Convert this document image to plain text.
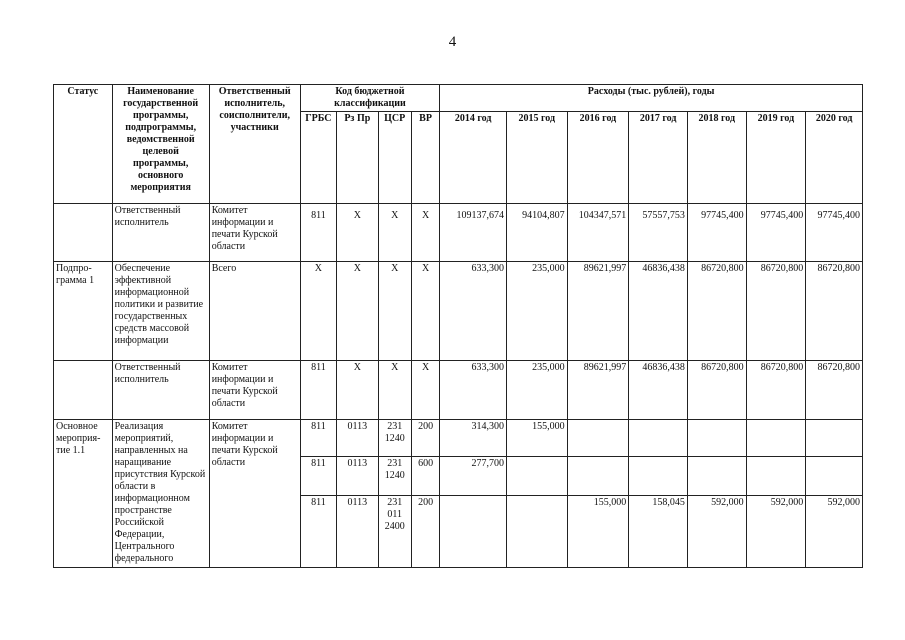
4
Статус	Наименование государственной программы, подпрограммы, ведомственной целевой программы, основного мероприятия	Ответственный исполнитель, соисполнители, участники	Код бюджетной классификации				Расходы (тыс. рублей), годы						
			ГРБС	Рз Пр	ЦСР	ВР	2014 год	2015 год	2016 год	2017 год	2018 год	2019 год	2020 год
	Ответственный исполнитель	Комитет информации и печати Курской области	811	X	X	X	109137,674	94104,807	104347,571	57557,753	97745,400	97745,400	97745,400
Подпро-грамма 1	Обеспечение эффективной информационной политики и развитие государственных средств массовой информации	Всего	X	X	X	X	633,300	235,000	89621,997	46836,438	86720,800	86720,800	86720,800
	Ответственный исполнитель	Комитет информации и печати Курской области	811	X	X	X	633,300	235,000	89621,997	46836,438	86720,800	86720,800	86720,800
Основное мероприя-тие 1.1	Реализация мероприятий, направленных на наращивание присутствия Курской области в информационном пространстве Российской Федерации, Центрального федерального	Комитет информации и печати Курской области	811	0113	231 1240	200	314,300	155,000					
			811	0113	231 1240	600	277,700						
			811	0113	231 011 2400	200			155,000	158,045	592,000	592,000	592,000
